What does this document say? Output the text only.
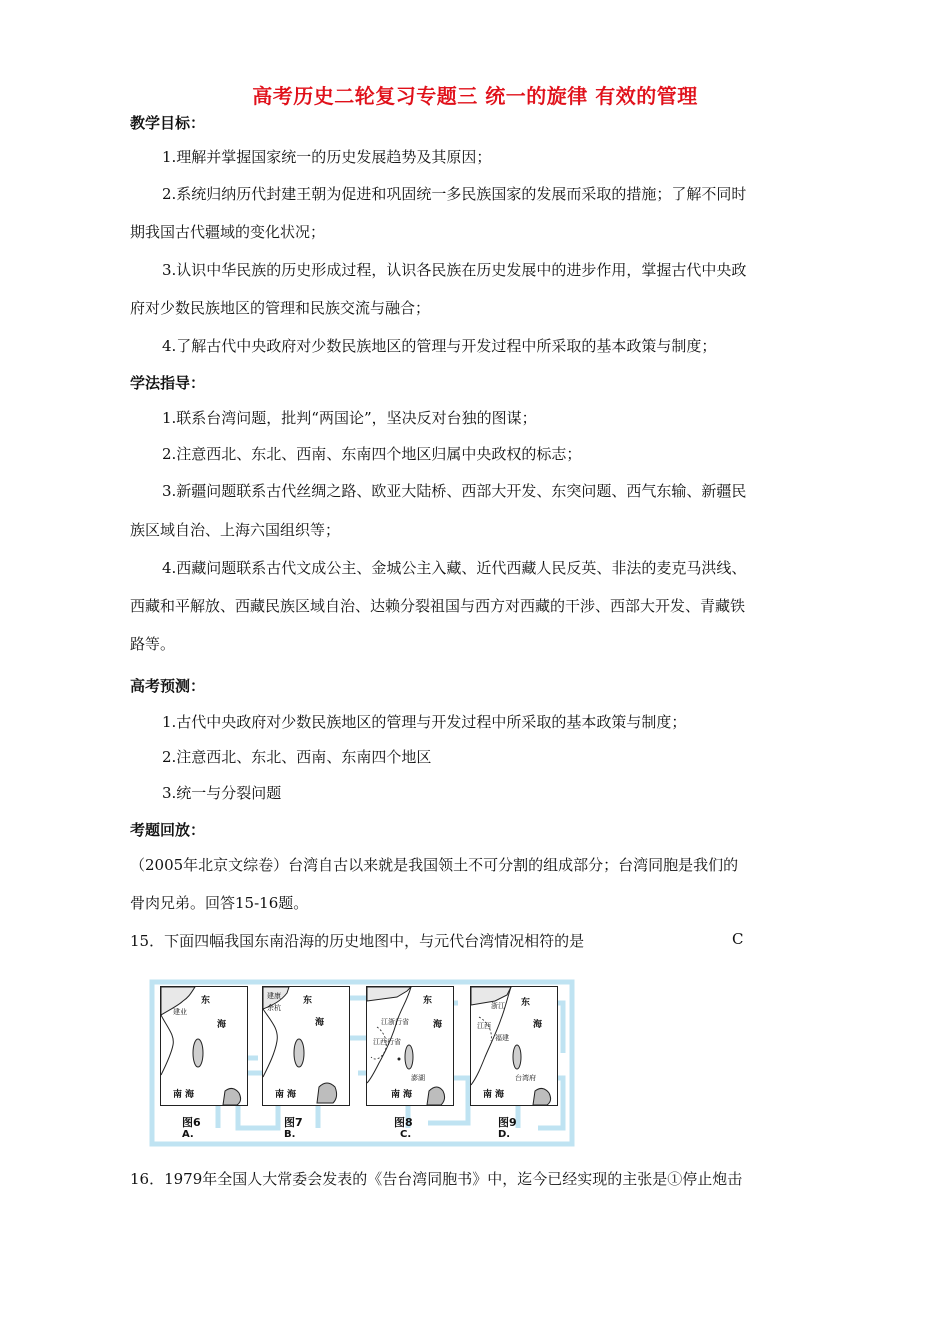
高考历史二轮复习专题三 统一的旋律 有效的管理
教学目标：
1.理解并掌握国家统一的历史发展趋势及其原因；
2.系统归纳历代封建王朝为促进和巩固统一多民族国家的发展而采取的措施；了解不同时
期我国古代疆域的变化状况；
3.认识中华民族的历史形成过程，认识各民族在历史发展中的进步作用，掌握古代中央政
府对少数民族地区的管理和民族交流与融合；
4.了解古代中央政府对少数民族地区的管理与开发过程中所采取的基本政策与制度；
学法指导：
1.联系台湾问题，批判“两国论”，坚决反对台独的图谋；
2.注意西北、东北、西南、东南四个地区归属中央政权的标志；
3.新疆问题联系古代丝绸之路、欧亚大陆桥、西部大开发、东突问题、西气东输、新疆民
族区域自治、上海六国组织等；
4.西藏问题联系古代文成公主、金城公主入藏、近代西藏人民反英、非法的麦克马洪线、
西藏和平解放、西藏民族区域自治、达赖分裂祖国与西方对西藏的干涉、西部大开发、青藏铁
路等。
高考预测：
1.古代中央政府对少数民族地区的管理与开发过程中所采取的基本政策与制度；
2.注意西北、东北、西南、东南四个地区
3.统一与分裂问题
考题回放：
（2005年北京文综卷）台湾自古以来就是我国领土不可分割的组成部分；台湾同胞是我们的
骨肉兄弟。回答15-16题。
15．下面四幅我国东南沿海的历史地图中，与元代台湾情况相符的是	C
东
海
南 海
建业
图6
A.
东
海
南 海
建康
余杭
图7
B.
东
海
南 海
江浙行省
江西行省
澎湖
图8
C.
东
海
南 海
浙江
江西
福建
台湾府
图9
D.
16．1979年全国人大常委会发表的《告台湾同胞书》中，迄今已经实现的主张是①停止炮击
